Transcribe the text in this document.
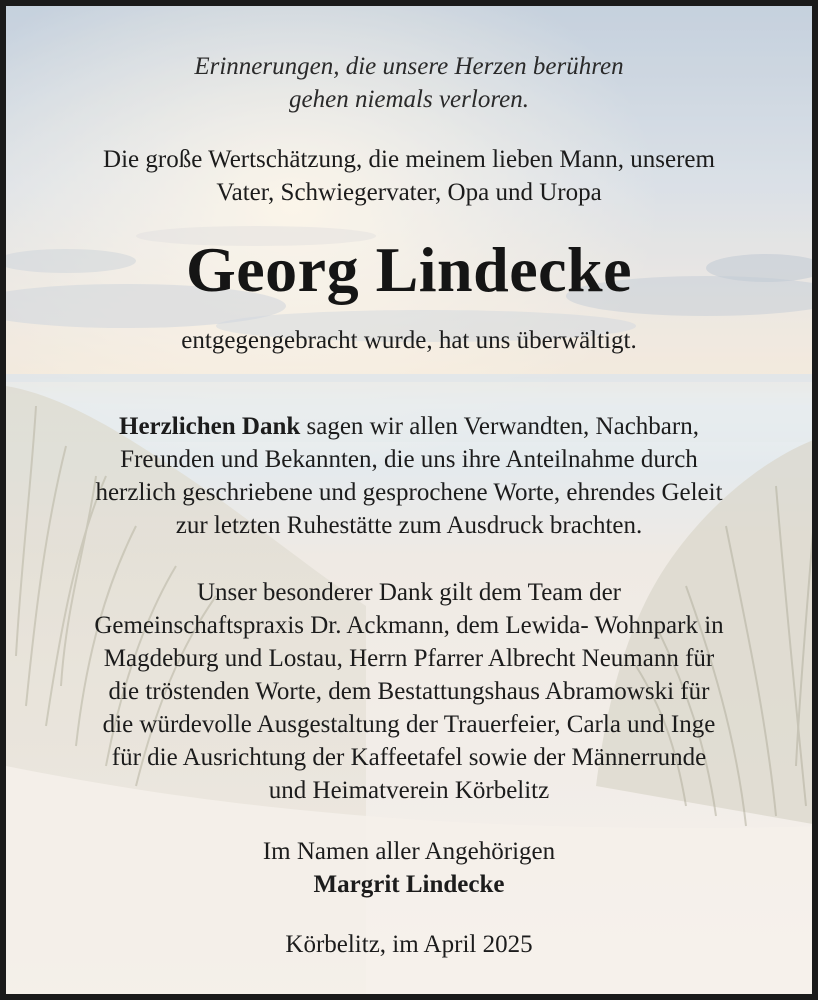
Erinnerungen, die unsere Herzen berühren
gehen niemals verloren.
Die große Wertschätzung, die meinem lieben Mann, unserem
Vater, Schwiegervater, Opa und Uropa
Georg Lindecke
entgegengebracht wurde, hat uns überwältigt.
Herzlichen Dank sagen wir allen Verwandten, Nachbarn,
Freunden und Bekannten, die uns ihre Anteilnahme durch
herzlich geschriebene und gesprochene Worte, ehrendes Geleit
zur letzten Ruhestätte zum Ausdruck brachten.
Unser besonderer Dank gilt dem Team der
Gemeinschaftspraxis Dr. Ackmann, dem Lewida- Wohnpark in
Magdeburg und Lostau, Herrn Pfarrer Albrecht Neumann für
die tröstenden Worte, dem Bestattungshaus Abramowski für
die würdevolle Ausgestaltung der Trauerfeier, Carla und Inge
für die Ausrichtung der Kaffeetafel sowie der Männerrunde
und Heimatverein Körbelitz
Im Namen aller Angehörigen
Margrit Lindecke
Körbelitz, im April 2025
